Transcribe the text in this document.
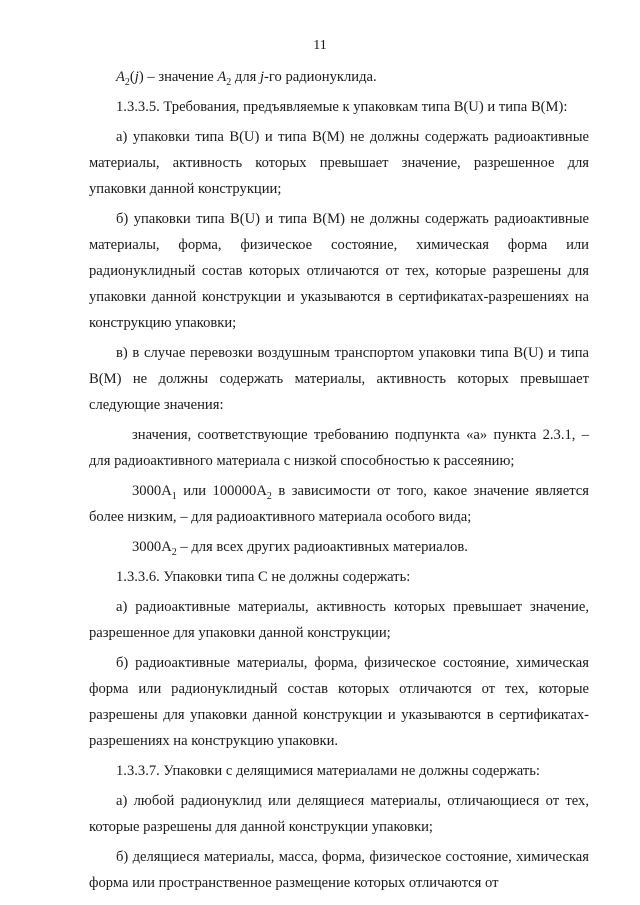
11

$A_2(j)$ – значение $A_2$ для j-го радионуклида.

1.3.3.5. Требования, предъявляемые к упаковкам типа B(U) и типа B(M):

а) упаковки типа B(U) и типа B(M) не должны содержать радиоактивные материалы, активность которых превышает значение, разрешенное для упаковки данной конструкции;

б) упаковки типа B(U) и типа B(M) не должны содержать радиоактивные материалы, форма, физическое состояние, химическая форма или радионуклидный состав которых отличаются от тех, которые разрешены для упаковки данной конструкции и указываются в сертификатах-разрешениях на конструкцию упаковки;

в) в случае перевозки воздушным транспортом упаковки типа B(U) и типа B(M) не должны содержать материалы, активность которых превышает следующие значения:

значения, соответствующие требованию подпункта «а» пункта 2.3.1, – для радиоактивного материала с низкой способностью к рассеянию;

$3000A_1$ или $100000A_2$ в зависимости от того, какое значение является более низким, – для радиоактивного материала особого вида;

$3000A_2$ – для всех других радиоактивных материалов.

1.3.3.6. Упаковки типа C не должны содержать:

а) радиоактивные материалы, активность которых превышает значение, разрешенное для упаковки данной конструкции;

б) радиоактивные материалы, форма, физическое состояние, химическая форма или радионуклидный состав которых отличаются от тех, которые разрешены для упаковки данной конструкции и указываются в сертификатах-разрешениях на конструкцию упаковки.

1.3.3.7. Упаковки с делящимися материалами не должны содержать:

а) любой радионуклид или делящиеся материалы, отличающиеся от тех, которые разрешены для данной конструкции упаковки;

б) делящиеся материалы, масса, форма, физическое состояние, химическая форма или пространственное размещение которых отличаются от
